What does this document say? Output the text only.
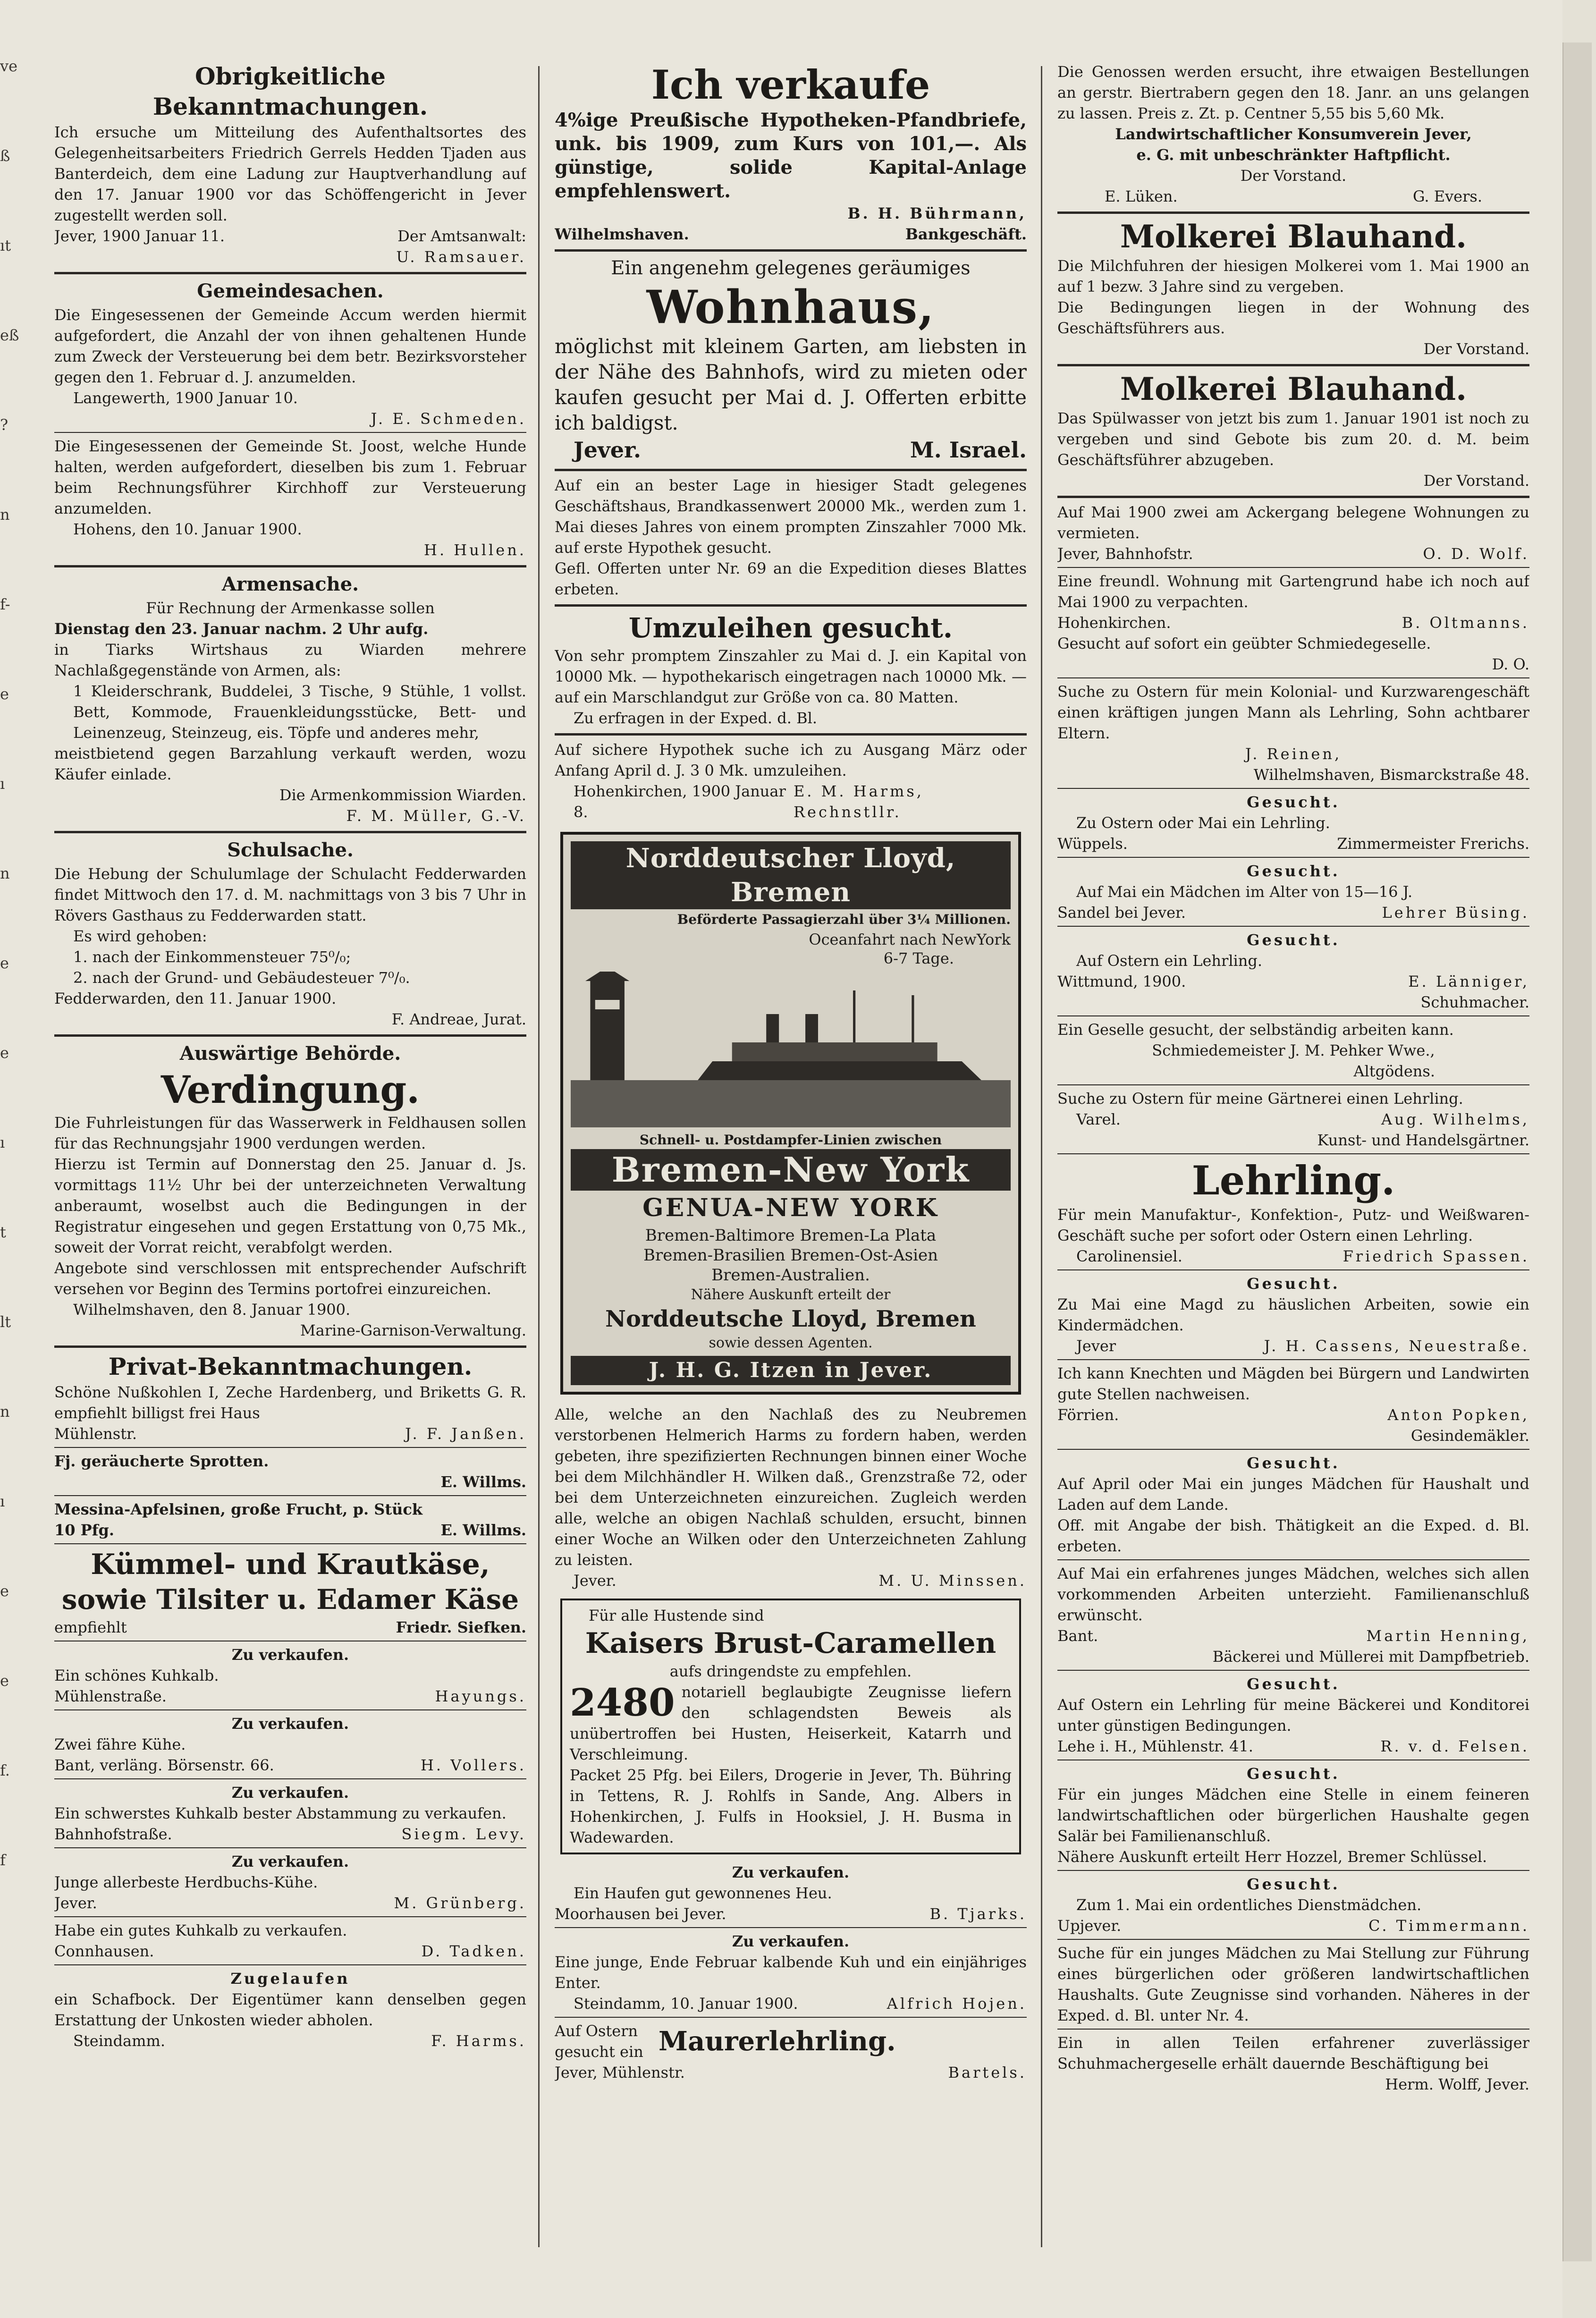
ve
ß
ıt
eß
?
n
f-
e
ı
n
e
e
ı
t
lt
n
ı
e
e
f.
f

Obrigkeitliche Bekanntmachungen.

Ich ersuche um Mitteilung des Aufenthaltsortes des Gelegenheitsarbeiters Friedrich Gerrels Hedden Tjaden aus Banterdeich, dem eine Ladung zur Hauptverhandlung auf den 17. Januar 1900 vor das Schöffengericht in Jever zugestellt werden soll.

Jever, 1900 Januar 11.	Der Amtsanwalt:

U. Ramsauer.

Gemeindesachen.

Die Eingesessenen der Gemeinde Accum werden hiermit aufgefordert, die Anzahl der von ihnen gehaltenen Hunde zum Zweck der Versteuerung bei dem betr. Bezirksvorsteher gegen den 1. Februar d. J. anzumelden.

Langewerth, 1900 Januar 10.

J. E. Schmeden.

Die Eingesessenen der Gemeinde St. Joost, welche Hunde halten, werden aufgefordert, dieselben bis zum 1. Februar beim Rechnungsführer Kirchhoff zur Versteuerung anzumelden.

Hohens, den 10. Januar 1900.

H. Hullen.

Armensache.

Für Rechnung der Armenkasse sollen

Dienstag den 23. Januar nachm. 2 Uhr aufg.

in Tiarks Wirtshaus zu Wiarden mehrere Nachlaßgegenstände von Armen, als:

1 Kleiderschrank, Buddelei, 3 Tische, 9 Stühle, 1 vollst. Bett, Kommode, Frauenkleidungsstücke, Bett- und Leinenzeug, Steinzeug, eis. Töpfe und anderes mehr,

meistbietend gegen Barzahlung verkauft werden, wozu Käufer einlade.

Die Armenkommission Wiarden.

F. M. Müller, G.-V.

Schulsache.

Die Hebung der Schulumlage der Schulacht Fedderwarden findet Mittwoch den 17. d. M. nachmittags von 3 bis 7 Uhr in Rövers Gasthaus zu Fedderwarden statt.

Es wird gehoben:

1. nach der Einkommensteuer 75⁰/₀;

2. nach der Grund- und Gebäudesteuer 7⁰/₀.

Fedderwarden, den 11. Januar 1900.

F. Andreae, Jurat.

Auswärtige Behörde.

Verdingung.

Die Fuhrleistungen für das Wasserwerk in Feldhausen sollen für das Rechnungsjahr 1900 verdungen werden.

Hierzu ist Termin auf Donnerstag den 25. Januar d. Js. vormittags 11½ Uhr bei der unterzeichneten Verwaltung anberaumt, woselbst auch die Bedingungen in der Registratur eingesehen und gegen Erstattung von 0,75 Mk., soweit der Vorrat reicht, verabfolgt werden.

Angebote sind verschlossen mit entsprechender Aufschrift versehen vor Beginn des Termins portofrei einzureichen.

Wilhelmshaven, den 8. Januar 1900.

Marine-Garnison-Verwaltung.

Privat-Bekanntmachungen.

Schöne Nußkohlen I, Zeche Hardenberg, und Briketts G. R. empfiehlt billigst frei Haus

Mühlenstr.	J. F. Janßen.

Fj. geräucherte Sprotten.

E. Willms.

Messina-Apfelsinen, große Frucht, p. Stück

10 Pfg.	E. Willms.

Kümmel- und Krautkäse,

sowie Tilsiter u. Edamer Käse

empfiehlt	Friedr. Siefken.

Zu verkaufen.

Ein schönes Kuhkalb.

Mühlenstraße.	Hayungs.

Zu verkaufen.

Zwei fähre Kühe.

Bant, verläng. Börsenstr. 66.	H. Vollers.

Zu verkaufen.

Ein schwerstes Kuhkalb bester Abstammung zu verkaufen.

Bahnhofstraße.	Siegm. Levy.

Zu verkaufen.

Junge allerbeste Herdbuchs-Kühe.

Jever.	M. Grünberg.

Habe ein gutes Kuhkalb zu verkaufen.

Connhausen.	D. Tadken.

Zugelaufen

ein Schafbock. Der Eigentümer kann denselben gegen Erstattung der Unkosten wieder abholen.

Steindamm.	F. Harms.

Ich verkaufe

4%ige Preußische Hypotheken-Pfandbriefe, unk. bis 1909, zum Kurs von 101,—. Als günstige, solide Kapital-Anlage empfehlenswert.

B. H. Bührmann,

Wilhelmshaven.	Bankgeschäft.

Ein angenehm gelegenes geräumiges

Wohnhaus,

möglichst mit kleinem Garten, am liebsten in der Nähe des Bahnhofs, wird zu mieten oder kaufen gesucht per Mai d. J. Offerten erbitte ich baldigst.

Jever.	M. Israel.

Auf ein an bester Lage in hiesiger Stadt gelegenes Geschäftshaus, Brandkassenwert 20000 Mk., werden zum 1. Mai dieses Jahres von einem prompten Zinszahler 7000 Mk. auf erste Hypothek gesucht.

Gefl. Offerten unter Nr. 69 an die Expedition dieses Blattes erbeten.

Umzuleihen gesucht.

Von sehr promptem Zinszahler zu Mai d. J. ein Kapital von 10000 Mk. — hypothekarisch eingetragen nach 10000 Mk. — auf ein Marschlandgut zur Größe von ca. 80 Matten.

Zu erfragen in der Exped. d. Bl.

Auf sichere Hypothek suche ich zu Ausgang März oder Anfang April d. J. 3 0 Mk. umzuleihen.

Hohenkirchen, 1900 Januar 8.
E. M. Harms, Rechnstllr.

Norddeutscher Lloyd, Bremen

Beförderte Passagierzahl über 3¼ Millionen.

Oceanfahrt nach NewYork

6-7 Tage.

Schnell- u. Postdampfer-Linien zwischen

Bremen-New York

GENUA-NEW YORK

Bremen-Baltimore Bremen-La Plata

Bremen-Brasilien Bremen-Ost-Asien

Bremen-Australien.

Nähere Auskunft erteilt der

Norddeutsche Lloyd, Bremen

sowie dessen Agenten.

J. H. G. Itzen in Jever.

Alle, welche an den Nachlaß des zu Neubremen verstorbenen Helmerich Harms zu fordern haben, werden gebeten, ihre spezifizierten Rechnungen binnen einer Woche bei dem Milchhändler H. Wilken daß., Grenzstraße 72, oder bei dem Unterzeichneten einzureichen. Zugleich werden alle, welche an obigen Nachlaß schulden, ersucht, binnen einer Woche an Wilken oder den Unterzeichneten Zahlung zu leisten.

Jever.	M. U. Minssen.

Für alle Hustende sind

Kaisers Brust-Caramellen

aufs dringendste zu empfehlen.

2480 notariell beglaubigte Zeugnisse liefern den schlagendsten Beweis als unübertroffen bei Husten, Heiserkeit, Katarrh und Verschleimung.

Packet 25 Pfg. bei Eilers, Drogerie in Jever, Th. Bühring in Tettens, R. J. Rohlfs in Sande, Ang. Albers in Hohenkirchen, J. Fulfs in Hooksiel, J. H. Busma in Wadewarden.

Zu verkaufen.

Ein Haufen gut gewonnenes Heu.

Moorhausen bei Jever.	B. Tjarks.

Zu verkaufen.

Eine junge, Ende Februar kalbende Kuh und ein einjähriges Enter.

Steindamm, 10. Januar 1900.	Alfrich Hojen.

Auf Ostern

gesucht ein Maurerlehrling.

Jever, Mühlenstr.	Bartels.

Die Genossen werden ersucht, ihre etwaigen Bestellungen an gerstr. Biertrabern gegen den 18. Janr. an uns gelangen zu lassen. Preis z. Zt. p. Centner 5,55 bis 5,60 Mk.

Landwirtschaftlicher Konsumverein Jever,

e. G. mit unbeschränkter Haftpflicht.

Der Vorstand.

E. Lüken.	G. Evers.

Molkerei Blauhand.

Die Milchfuhren der hiesigen Molkerei vom 1. Mai 1900 an auf 1 bezw. 3 Jahre sind zu vergeben.

Die Bedingungen liegen in der Wohnung des Geschäftsführers aus.

Der Vorstand.

Molkerei Blauhand.

Das Spülwasser von jetzt bis zum 1. Januar 1901 ist noch zu vergeben und sind Gebote bis zum 20. d. M. beim Geschäftsführer abzugeben.

Der Vorstand.

Auf Mai 1900 zwei am Ackergang belegene Wohnungen zu vermieten.

Jever, Bahnhofstr.	O. D. Wolf.

Eine freundl. Wohnung mit Gartengrund habe ich noch auf Mai 1900 zu verpachten.

Hohenkirchen.	B. Oltmanns.

Gesucht auf sofort ein geübter Schmiedegeselle.

D. O.

Suche zu Ostern für mein Kolonial- und Kurzwarengeschäft einen kräftigen jungen Mann als Lehrling, Sohn achtbarer Eltern.

J. Reinen,

Wilhelmshaven, Bismarckstraße 48.

Gesucht.

Zu Ostern oder Mai ein Lehrling.

Wüppels.	Zimmermeister Frerichs.

Gesucht.

Auf Mai ein Mädchen im Alter von 15—16 J.

Sandel bei Jever.	Lehrer Büsing.

Gesucht.

Auf Ostern ein Lehrling.

Wittmund, 1900.	E. Länniger,

Schuhmacher.

Ein Geselle gesucht, der selbständig arbeiten kann.

Schmiedemeister J. M. Pehker Wwe.,

Altgödens.

Suche zu Ostern für meine Gärtnerei einen Lehrling.

Varel.	Aug. Wilhelms,

Kunst- und Handelsgärtner.

Lehrling.

Für mein Manufaktur-, Konfektion-, Putz- und Weißwaren-Geschäft suche per sofort oder Ostern einen Lehrling.

Carolinensiel.	Friedrich Spassen.

Gesucht.

Zu Mai eine Magd zu häuslichen Arbeiten, sowie ein Kindermädchen.

Jever	J. H. Cassens, Neuestraße.

Ich kann Knechten und Mägden bei Bürgern und Landwirten gute Stellen nachweisen.

Förrien.	Anton Popken,

Gesindemäkler.

Gesucht.

Auf April oder Mai ein junges Mädchen für Haushalt und Laden auf dem Lande.

Off. mit Angabe der bish. Thätigkeit an die Exped. d. Bl. erbeten.

Auf Mai ein erfahrenes junges Mädchen, welches sich allen vorkommenden Arbeiten unterzieht. Familienanschluß erwünscht.

Bant.	Martin Henning,

Bäckerei und Müllerei mit Dampfbetrieb.

Gesucht.

Auf Ostern ein Lehrling für meine Bäckerei und Konditorei unter günstigen Bedingungen.

Lehe i. H., Mühlenstr. 41.	R. v. d. Felsen.

Gesucht.

Für ein junges Mädchen eine Stelle in einem feineren landwirtschaftlichen oder bürgerlichen Haushalte gegen Salär bei Familienanschluß.

Nähere Auskunft erteilt Herr Hozzel, Bremer Schlüssel.

Gesucht.

Zum 1. Mai ein ordentliches Dienstmädchen.

Upjever.	C. Timmermann.

Suche für ein junges Mädchen zu Mai Stellung zur Führung eines bürgerlichen oder größeren landwirtschaftlichen Haushalts. Gute Zeugnisse sind vorhanden. Näheres in der Exped. d. Bl. unter Nr. 4.

Ein in allen Teilen erfahrener zuverlässiger Schuhmachergeselle erhält dauernde Beschäftigung bei

Herm. Wolff, Jever.
